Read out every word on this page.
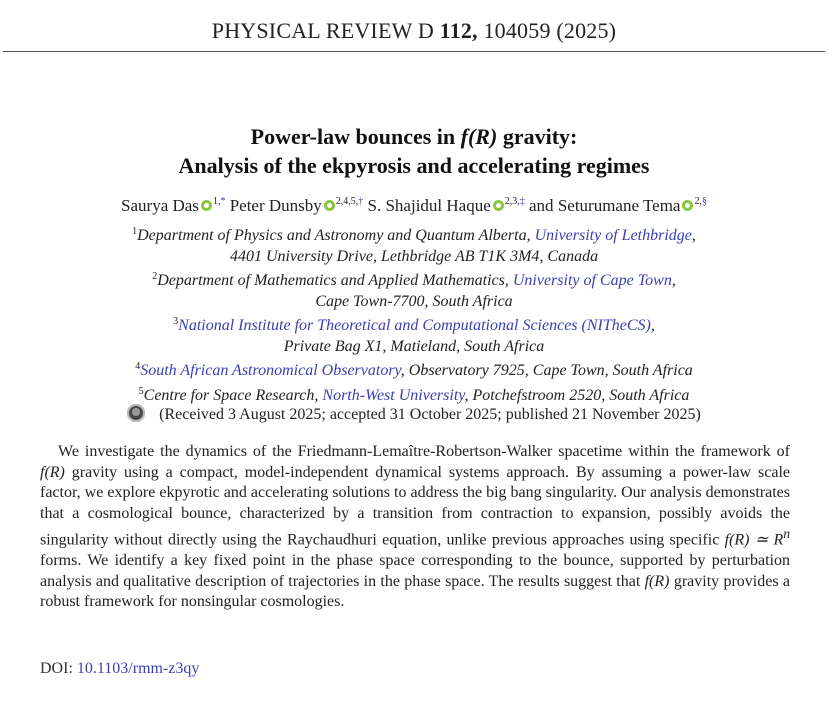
PHYSICAL REVIEW D 112, 104059 (2025)
Power-law bounces in f(R) gravity:
Analysis of the ekpyrosis and accelerating regimes
Saurya Das $^{1,*}$ Peter Dunsby $^{2,4,5,\dagger}$ S. Shajidul Haque $^{2,3,\ddagger}$ and Seturumane Tema $^{2,\S}$
$^1$Department of Physics and Astronomy and Quantum Alberta, University of Lethbridge,
4401 University Drive, Lethbridge AB T1K 3M4, Canada
$^2$Department of Mathematics and Applied Mathematics, University of Cape Town,
Cape Town-7700, South Africa
$^3$National Institute for Theoretical and Computational Sciences (NITheCS),
Private Bag X1, Matieland, South Africa
$^4$South African Astronomical Observatory, Observatory 7925, Cape Town, South Africa
$^5$Centre for Space Research, North-West University, Potchefstroom 2520, South Africa
(Received 3 August 2025; accepted 31 October 2025; published 21 November 2025)

We investigate the dynamics of the Friedmann-Lemaître-Robertson-Walker spacetime within the framework of f(R) gravity using a compact, model-independent dynamical systems approach. By assuming a power-law scale factor, we explore ekpyrotic and accelerating solutions to address the big bang singularity. Our analysis demonstrates that a cosmological bounce, characterized by a transition from contraction to expansion, possibly avoids the singularity without directly using the Raychaudhuri equation, unlike previous approaches using specific f(R) ≃ $R^n$ forms. We identify a key fixed point in the phase space corresponding to the bounce, supported by perturbation analysis and qualitative description of trajectories in the phase space. The results suggest that f(R) gravity provides a robust framework for nonsingular cosmologies.

DOI: 10.1103/rmm-z3qy
